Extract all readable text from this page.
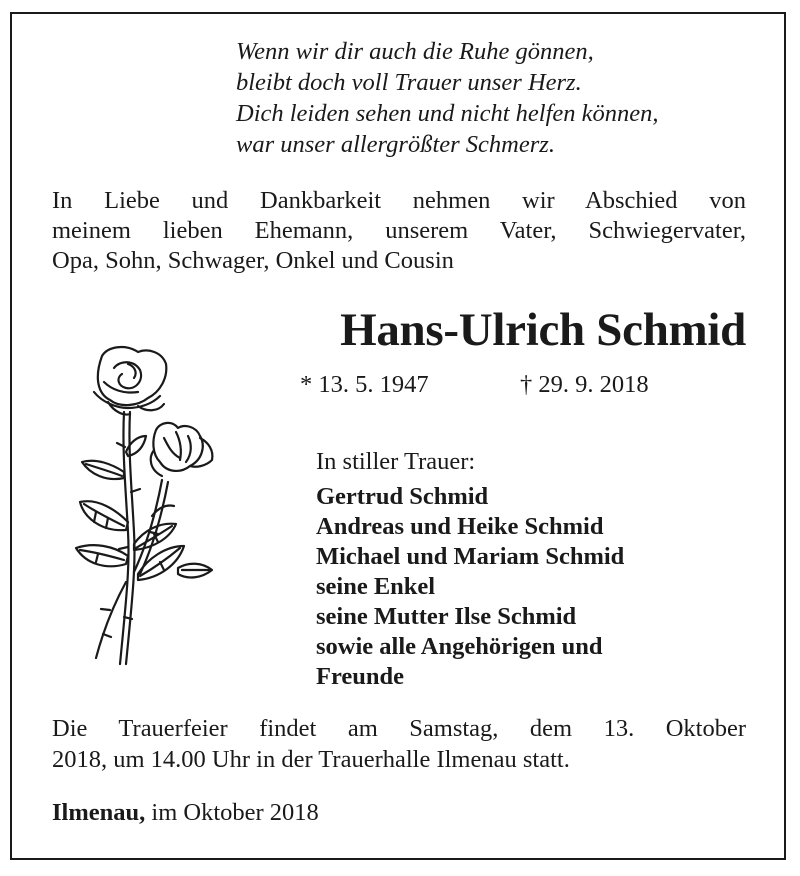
Wenn wir dir auch die Ruhe gönnen,
bleibt doch voll Trauer unser Herz.
Dich leiden sehen und nicht helfen können,
war unser allergrößter Schmerz.
In Liebe und Dankbarkeit nehmen wir Abschied von
meinem lieben Ehemann, unserem Vater, Schwiegervater,
Opa, Sohn, Schwager, Onkel und Cousin
Hans-Ulrich Schmid
* 13. 5. 1947	† 29. 9. 2018
In stiller Trauer:
Gertrud Schmid
Andreas und Heike Schmid
Michael und Mariam Schmid
seine Enkel
seine Mutter Ilse Schmid
sowie alle Angehörigen und
Freunde
Die Trauerfeier findet am Samstag, dem 13. Oktober
2018, um 14.00 Uhr in der Trauerhalle Ilmenau statt.
Ilmenau, im Oktober 2018
